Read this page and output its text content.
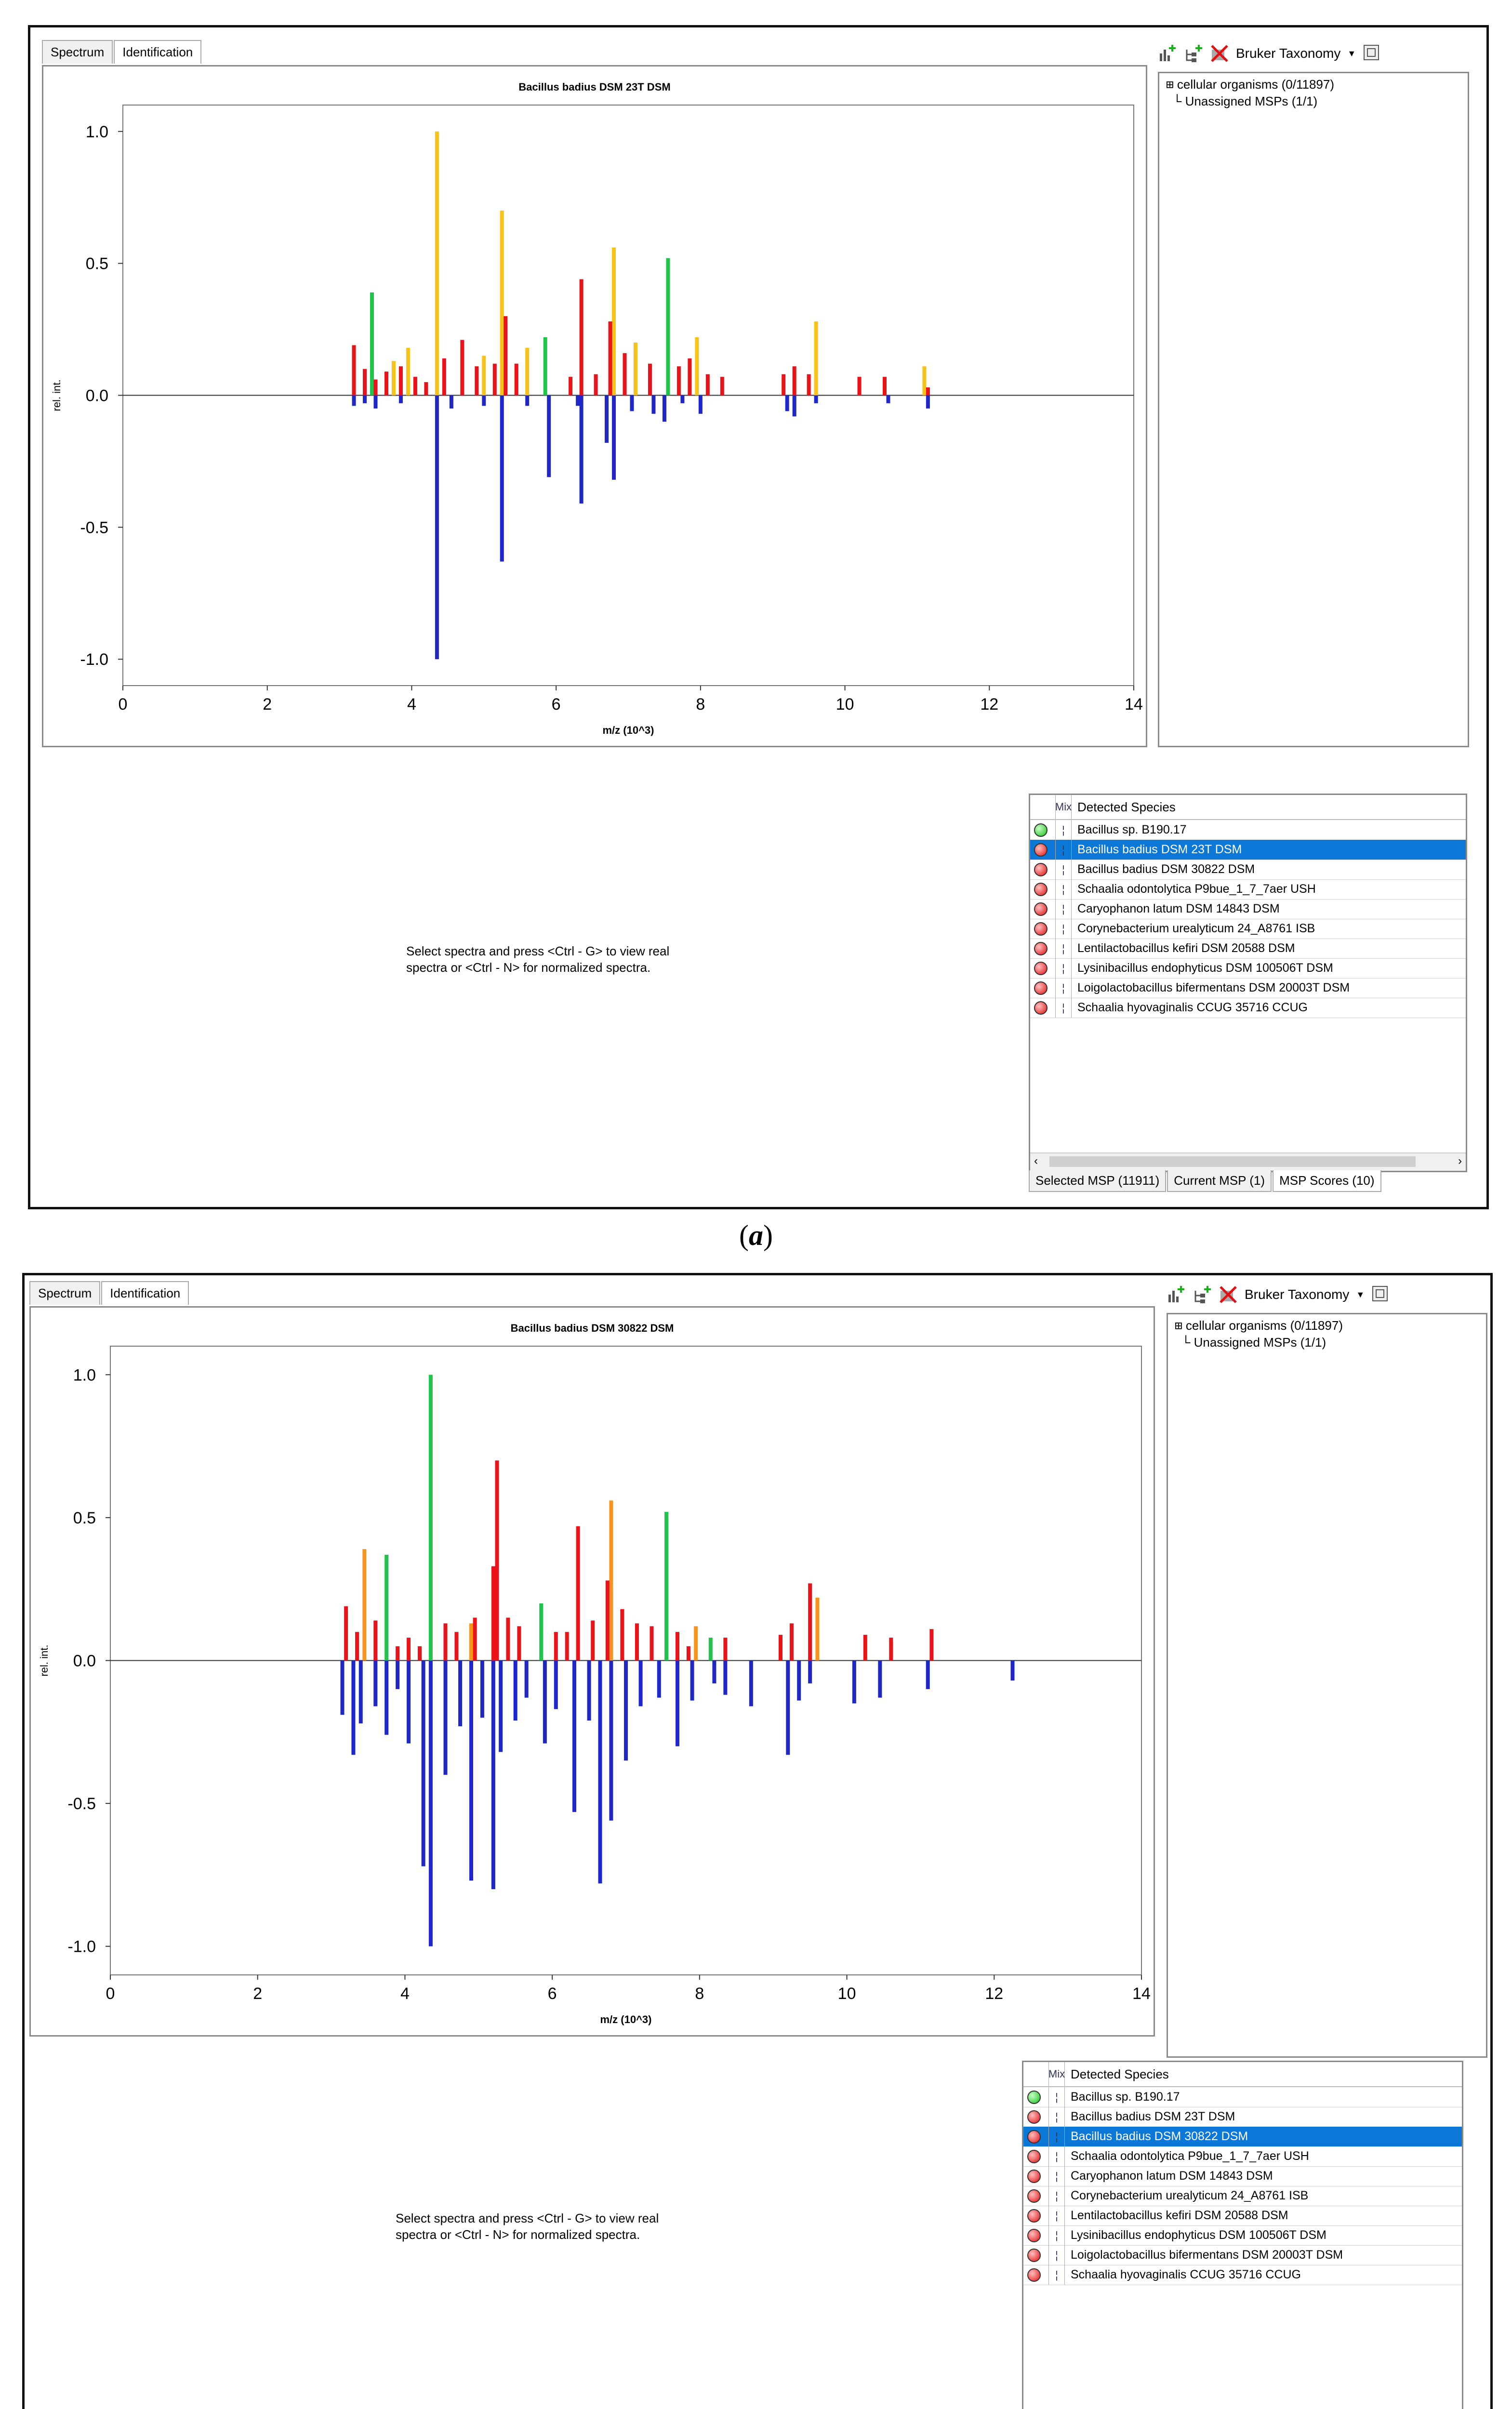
Spectrum	Identification
Bacillus badius DSM 23T DSM
1.0
0.5
0.0
-0.5
-1.0
0	2	4	6	8	10	12	14
m/z (10^3)
rel. int.
Bruker Taxonomy ▼
⊞ cellular organisms (0/11897)
└ Unassigned MSPs (1/1)
Select spectra and press <Ctrl - G> to view real spectra or <Ctrl - N> for normalized spectra.
Mix Detected Species
¦	Bacillus sp. B190.17
¦	Bacillus badius DSM 23T DSM
¦	Bacillus badius DSM 30822 DSM
¦	Schaalia odontolytica P9bue_1_7_7aer USH
¦	Caryophanon latum DSM 14843 DSM
¦	Corynebacterium urealyticum 24_A8761 ISB
¦	Lentilactobacillus kefiri DSM 20588 DSM
¦	Lysinibacillus endophyticus DSM 100506T DSM
¦	Loigolactobacillus bifermentans DSM 20003T DSM
¦	Schaalia hyovaginalis CCUG 35716 CCUG
‹	›
Selected MSP (11911)	Current MSP (1)	MSP Scores (10)
(a)
Spectrum	Identification
Bacillus badius DSM 30822 DSM
1.0
0.5
0.0
-0.5
-1.0
0	2	4	6	8	10	12	14
m/z (10^3)
rel. int.
Bruker Taxonomy ▼
⊞ cellular organisms (0/11897)
└ Unassigned MSPs (1/1)
Select spectra and press <Ctrl - G> to view real spectra or <Ctrl - N> for normalized spectra.
Mix Detected Species
¦	Bacillus sp. B190.17
¦	Bacillus badius DSM 23T DSM
¦	Bacillus badius DSM 30822 DSM
¦	Schaalia odontolytica P9bue_1_7_7aer USH
¦	Caryophanon latum DSM 14843 DSM
¦	Corynebacterium urealyticum 24_A8761 ISB
¦	Lentilactobacillus kefiri DSM 20588 DSM
¦	Lysinibacillus endophyticus DSM 100506T DSM
¦	Loigolactobacillus bifermentans DSM 20003T DSM
¦	Schaalia hyovaginalis CCUG 35716 CCUG
